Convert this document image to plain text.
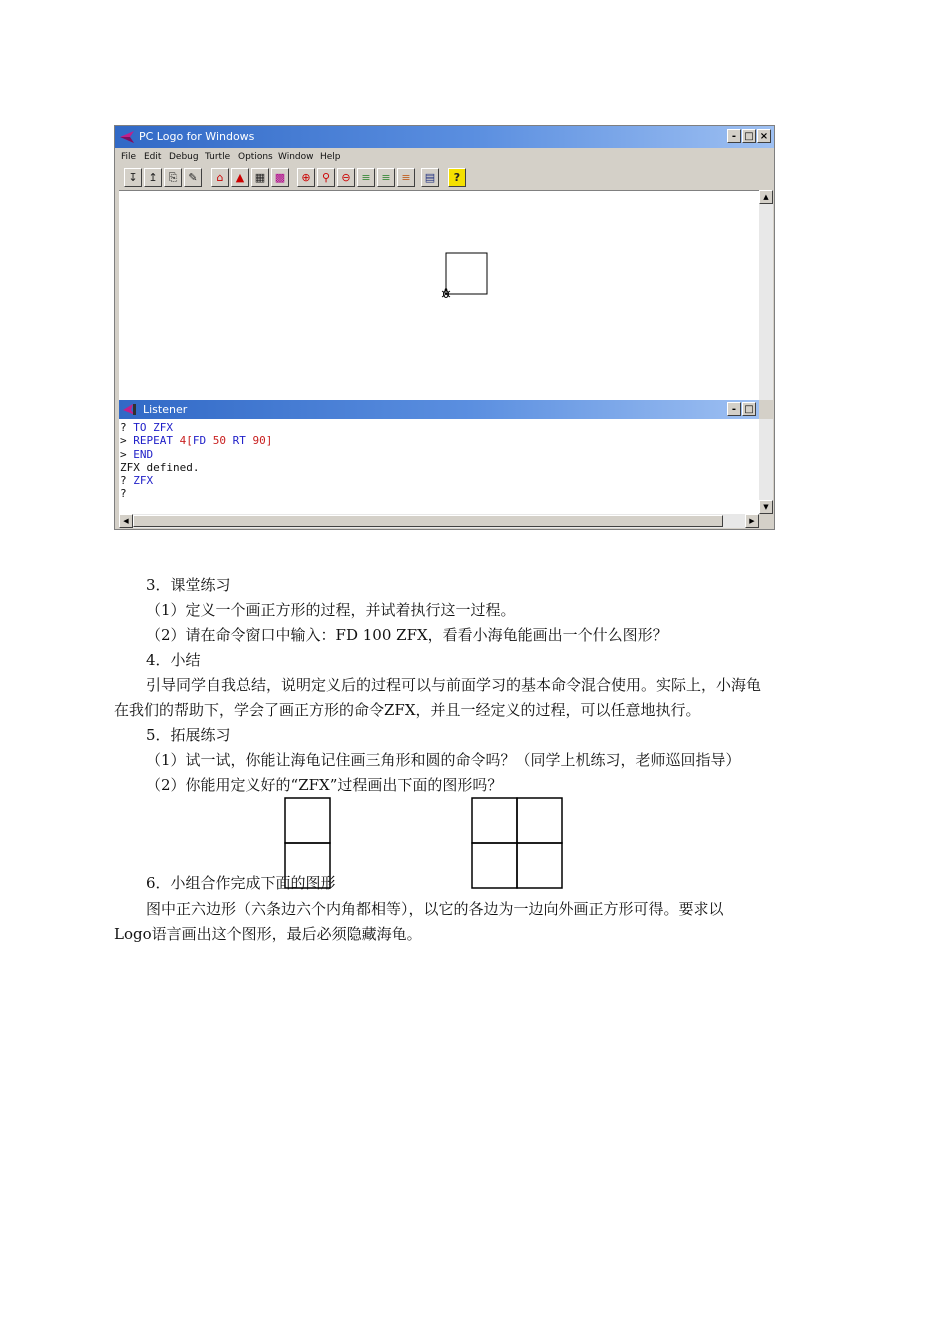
PC Logo for Windows	- □ ×
File Edit Debug Turtle Options Window Help
↧ ↥ ⎘ ✎	⌂	▲ ▦ ▩	⊕	⚲	⊖ ≡ ≡ ≡	▤	?
▲
Listener	- □
? TO ZFX
> REPEAT 4[FD 50 RT 90]
> END
ZFX defined.
? ZFX
?
▼
◀	▶
3．课堂练习
（1）定义一个画正方形的过程，并试着执行这一过程。
（2）请在命令窗口中输入：FD 100 ZFX，看看小海龟能画出一个什么图形？
4．小结
引导同学自我总结，说明定义后的过程可以与前面学习的基本命令混合使用。实际上，小海龟
在我们的帮助下，学会了画正方形的命令ZFX，并且一经定义的过程，可以任意地执行。
5．拓展练习
（1）试一试，你能让海龟记住画三角形和圆的命令吗？（同学上机练习，老师巡回指导）
（2）你能用定义好的“ZFX”过程画出下面的图形吗？
6．小组合作完成下面的图形
图中正六边形（六条边六个内角都相等），以它的各边为一边向外画正方形可得。要求以
Logo语言画出这个图形，最后必须隐藏海龟。
